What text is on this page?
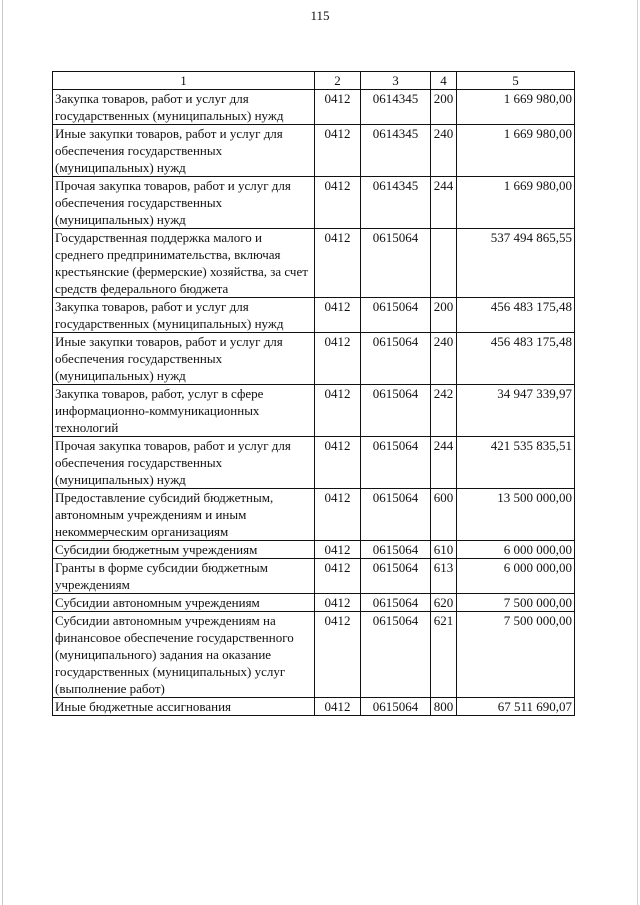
115
1	2	3	4	5
Закупка товаров, работ и услуг для государственных (муниципальных) нужд	0412	0614345	200	1 669 980,00
Иные закупки товаров, работ и услуг для обеспечения государственных (муниципальных) нужд	0412	0614345	240	1 669 980,00
Прочая закупка товаров, работ и услуг для обеспечения государственных (муниципальных) нужд	0412	0614345	244	1 669 980,00
Государственная поддержка малого и среднего предпринимательства, включая крестьянские (фермерские) хозяйства, за счет средств федерального бюджета	0412	0615064		537 494 865,55
Закупка товаров, работ и услуг для государственных (муниципальных) нужд	0412	0615064	200	456 483 175,48
Иные закупки товаров, работ и услуг для обеспечения государственных (муниципальных) нужд	0412	0615064	240	456 483 175,48
Закупка товаров, работ, услуг в сфере информационно-коммуникационных технологий	0412	0615064	242	34 947 339,97
Прочая закупка товаров, работ и услуг для обеспечения государственных (муниципальных) нужд	0412	0615064	244	421 535 835,51
Предоставление субсидий бюджетным, автономным учреждениям и иным некоммерческим организациям	0412	0615064	600	13 500 000,00
Субсидии бюджетным учреждениям	0412	0615064	610	6 000 000,00
Гранты в форме субсидии бюджетным учреждениям	0412	0615064	613	6 000 000,00
Субсидии автономным учреждениям	0412	0615064	620	7 500 000,00
Субсидии автономным учреждениям на финансовое обеспечение государственного (муниципального) задания на оказание государственных (муниципальных) услуг (выполнение работ)	0412	0615064	621	7 500 000,00
Иные бюджетные ассигнования	0412	0615064	800	67 511 690,07
